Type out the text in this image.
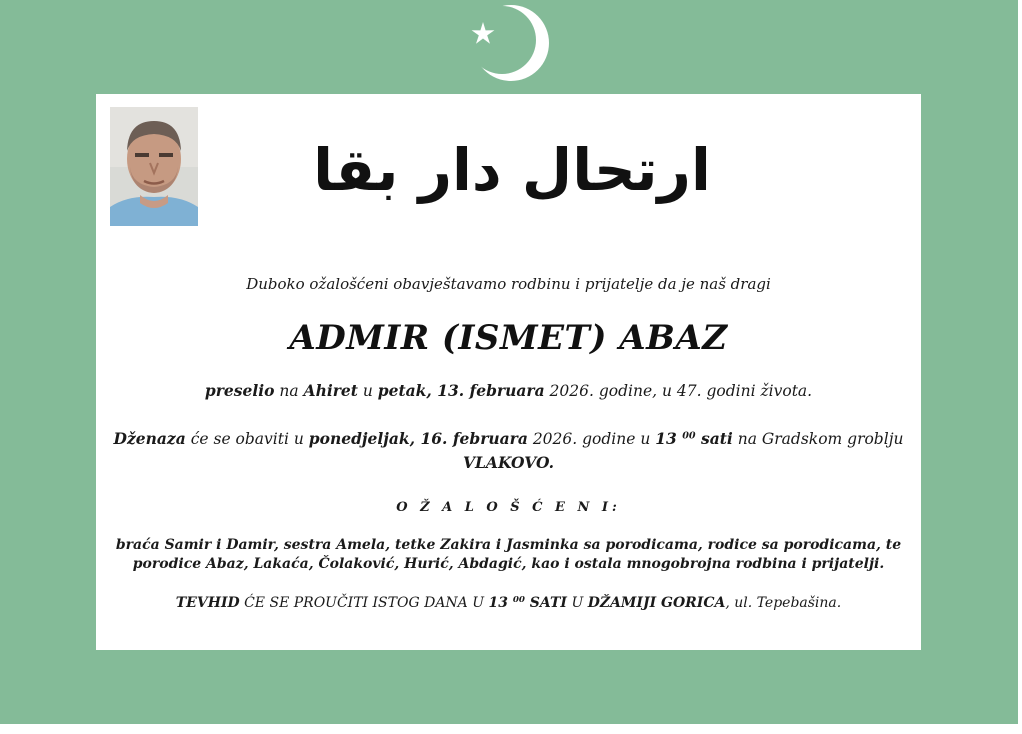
ارتحال دار بقا
Duboko ožalošćeni obavještavamo rodbinu i prijatelje da je naš dragi
ADMIR (ISMET) ABAZ
preselio na Ahiret u petak, 13. februara 2026. godine, u 47. godini života.
Dženaza će se obaviti u ponedjeljak, 16. februara 2026. godine u 13 $^{00}$ sati na Gradskom groblju
VLAKOVO.
O Ž A L O Š Ć E N I:
braća Samir i Damir, sestra Amela, tetke Zakira i Jasminka sa porodicama, rodice sa porodicama, te
porodice Abaz, Lakaća, Čolaković, Hurić, Abdagić, kao i ostala mnogobrojna rodbina i prijatelji.
TEVHID ĆE SE PROUČITI ISTOG DANA U 13 $^{00}$ SATI U DŽAMIJI GORICA, ul. Tepebašina.
